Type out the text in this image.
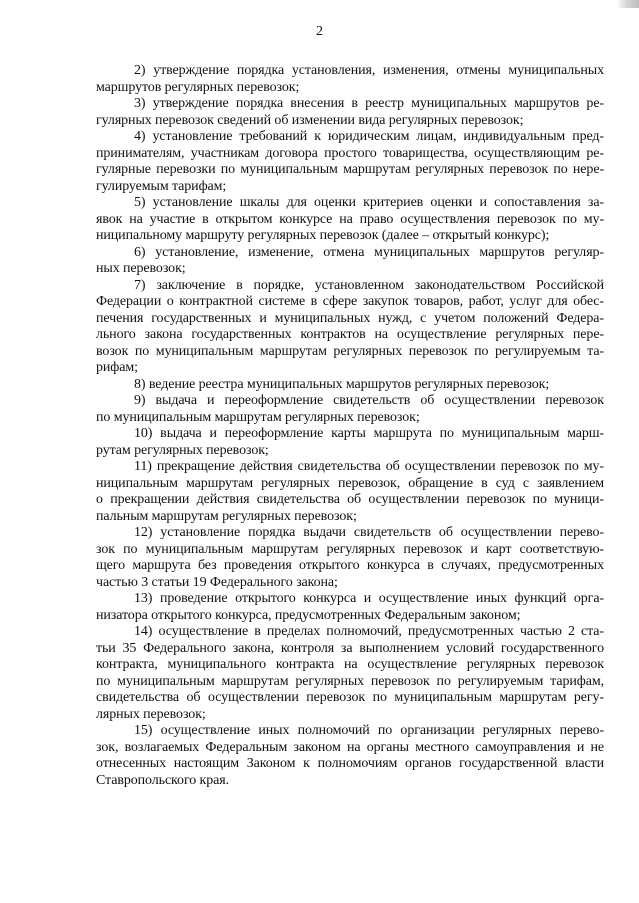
2

2) утверждение порядка установления, изменения, отмены муниципальных
маршрутов регулярных перевозок;

3) утверждение порядка внесения в реестр муниципальных маршрутов ре-
гулярных перевозок сведений об изменении вида регулярных перевозок;

4) установление требований к юридическим лицам, индивидуальным пред-
принимателям, участникам договора простого товарищества, осуществляющим ре-
гулярные перевозки по муниципальным маршрутам регулярных перевозок по нере-
гулируемым тарифам;

5) установление шкалы для оценки критериев оценки и сопоставления за-
явок на участие в открытом конкурсе на право осуществления перевозок по му-
ниципальному маршруту регулярных перевозок (далее – открытый конкурс);

6) установление, изменение, отмена муниципальных маршрутов регуляр-
ных перевозок;

7) заключение в порядке, установленном законодательством Российской
Федерации о контрактной системе в сфере закупок товаров, работ, услуг для обес-
печения государственных и муниципальных нужд, с учетом положений Федера-
льного закона государственных контрактов на осуществление регулярных пере-
возок по муниципальным маршрутам регулярных перевозок по регулируемым та-
рифам;

8) ведение реестра муниципальных маршрутов регулярных перевозок;

9) выдача и переоформление свидетельств об осуществлении перевозок
по муниципальным маршрутам регулярных перевозок;

10) выдача и переоформление карты маршрута по муниципальным марш-
рутам регулярных перевозок;

11) прекращение действия свидетельства об осуществлении перевозок по му-
ниципальным маршрутам регулярных перевозок, обращение в суд с заявлением
о прекращении действия свидетельства об осуществлении перевозок по муници-
пальным маршрутам регулярных перевозок;

12) установление порядка выдачи свидетельств об осуществлении перево-
зок по муниципальным маршрутам регулярных перевозок и карт соответствую-
щего маршрута без проведения открытого конкурса в случаях, предусмотренных
частью 3 статьи 19 Федерального закона;

13) проведение открытого конкурса и осуществление иных функций орга-
низатора открытого конкурса, предусмотренных Федеральным законом;

14) осуществление в пределах полномочий, предусмотренных частью 2 ста-
тьи 35 Федерального закона, контроля за выполнением условий государственного
контракта, муниципального контракта на осуществление регулярных перевозок
по муниципальным маршрутам регулярных перевозок по регулируемым тарифам,
свидетельства об осуществлении перевозок по муниципальным маршрутам регу-
лярных перевозок;

15) осуществление иных полномочий по организации регулярных перево-
зок, возлагаемых Федеральным законом на органы местного самоуправления и не
отнесенных настоящим Законом к полномочиям органов государственной власти
Ставропольского края.
